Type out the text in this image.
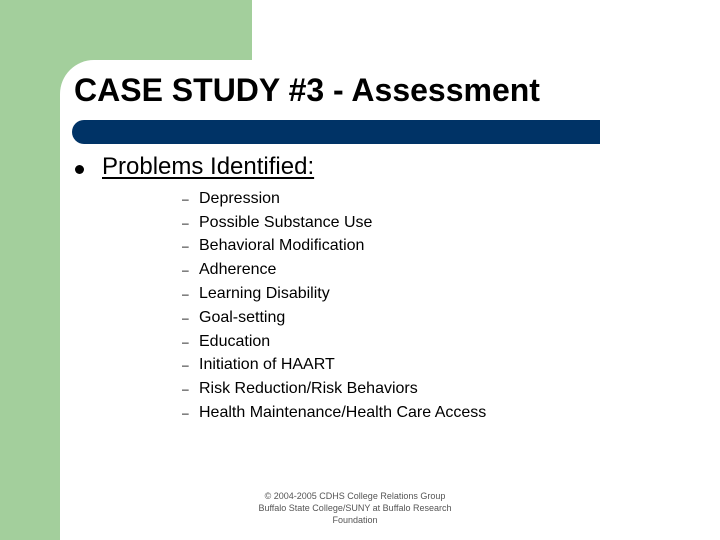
CASE STUDY #3 - Assessment
Problems Identified:
– Depression
– Possible Substance Use
– Behavioral Modification
– Adherence
– Learning Disability
– Goal-setting
– Education
– Initiation of HAART
– Risk Reduction/Risk Behaviors
– Health Maintenance/Health Care Access
© 2004-2005 CDHS College Relations Group
Buffalo State College/SUNY at Buffalo Research
Foundation
